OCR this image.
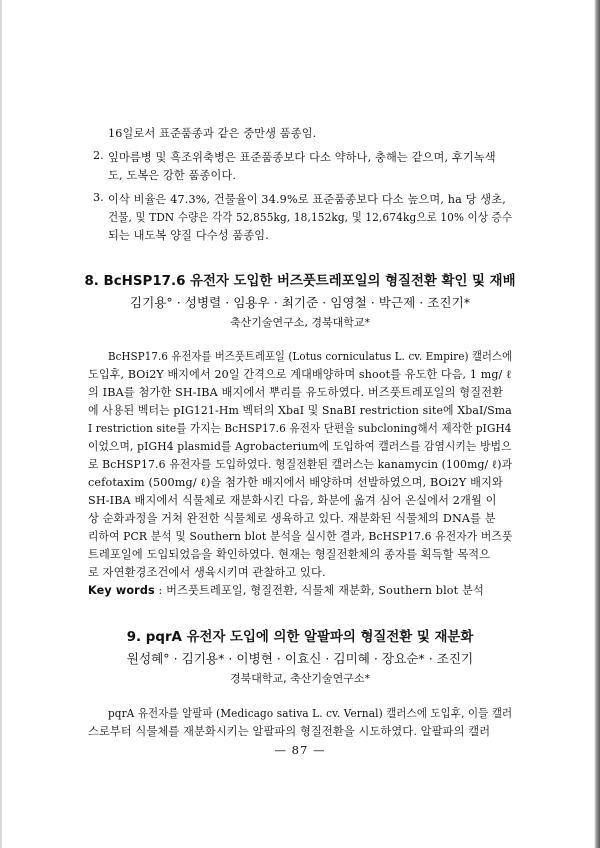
16일로서 표준품종과 같은 중만생 품종임.
2. 잎마름병 및 흑조위축병은 표준품종보다 다소 약하나, 충해는 같으며, 후기녹색
도, 도복은 강한 품종이다.
3. 이삭 비율은 47.3%, 건물율이 34.9%로 표준품종보다 다소 높으며, ha 당 생초,
건물, 및 TDN 수량은 각각 52,855kg, 18,152kg, 및 12,674kg으로 10% 이상 증수
되는 내도복 양질 다수성 품종임.
8. BcHSP17.6 유전자 도입한 버즈풋트레포일의 형질전환 확인 및 재배
김기용° · 성병렬 · 임용우 · 최기준 · 임영철 · 박근제 · 조진기*
축산기술연구소, 경북대학교*
BcHSP17.6 유전자를 버즈풋트레포일 (Lotus corniculatus L. cv. Empire) 캘러스에
도입후, BOi2Y 배지에서 20일 간격으로 계대배양하며 shoot를 유도한 다음, 1 mg/ ℓ
의 IBA를 첨가한 SH-IBA 배지에서 뿌리를 유도하였다. 버즈풋트레포일의 형질전환
에 사용된 벡터는 pIG121-Hm 벡터의 XbaⅠ 및 SnaBⅠ restriction site에 XbaⅠ/Sma
Ⅰ restriction site를 가지는 BcHSP17.6 유전자 단편을 subcloning해서 제작한 pIGH4
이었으며, pIGH4 plasmid를 Agrobacterium에 도입하여 캘러스를 감염시키는 방법으
로 BcHSP17.6 유전자를 도입하였다. 형질전환된 캘러스는 kanamycin (100mg/ ℓ)과
cefotaxim (500mg/ ℓ)을 첨가한 배지에서 배양하며 선발하였으며, BOi2Y 배지와
SH-IBA 배지에서 식물체로 재분화시킨 다음, 화분에 옮겨 심어 온실에서 2개월 이
상 순화과정을 거쳐 완전한 식물체로 생육하고 있다. 재분화된 식물체의 DNA를 분
리하여 PCR 분석 및 Southern blot 분석을 실시한 결과, BcHSP17.6 유전자가 버즈풋
트레포일에 도입되었음을 확인하였다. 현재는 형질전환체의 종자를 획득할 목적으
로 자연환경조건에서 생육시키며 관찰하고 있다.
Key words : 버즈풋트레포일, 형질전환, 식물체 재분화, Southern blot 분석
9. pqrA 유전자 도입에 의한 알팔파의 형질전환 및 재분화
원성혜° · 김기용* · 이병현 · 이효신 · 김미혜 · 장요순* · 조진기
경북대학교, 축산기술연구소*
pqrA 유전자를 알팔파 (Medicago sativa L. cv. Vernal) 캘러스에 도입후, 이들 캘러
스로부터 식물체를 재분화시키는 알팔파의 형질전환을 시도하였다. 알팔파의 캘러
— 87 —
